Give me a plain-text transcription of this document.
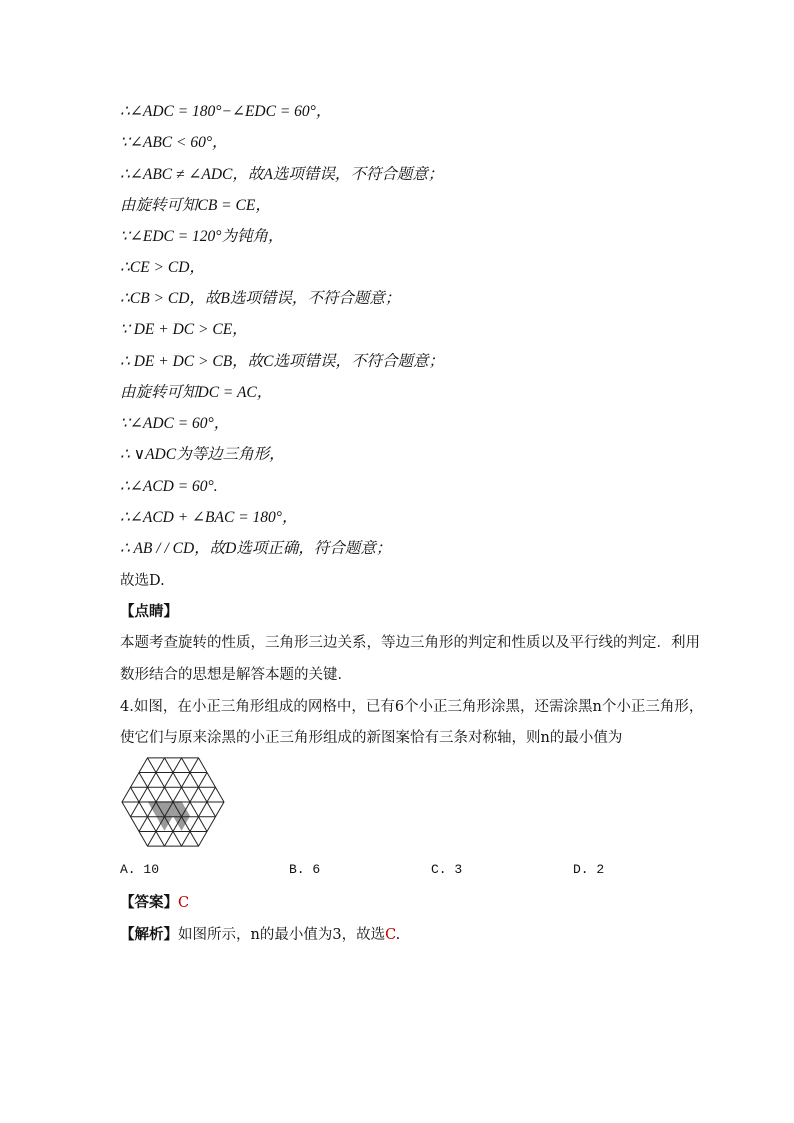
∴∠ADC = 180°−∠EDC = 60°，
∵∠ABC < 60°，
∴∠ABC ≠ ∠ADC，故A选项错误，不符合题意；
由旋转可知CB = CE，
∵∠EDC = 120°为钝角，
∴CE > CD，
∴CB > CD，故B选项错误，不符合题意；
∵ DE + DC > CE，
∴ DE + DC > CB，故C选项错误，不符合题意；
由旋转可知DC = AC，
∵∠ADC = 60°，
∴ ∨ADC为等边三角形，
∴∠ACD = 60°.
∴∠ACD + ∠BAC = 180°，
∴ AB / / CD，故D选项正确，符合题意；
故选D.
【点睛】
本题考查旋转的性质，三角形三边关系，等边三角形的判定和性质以及平行线的判定．利用
数形结合的思想是解答本题的关键．
4.如图，在小正三角形组成的网格中，已有6个小正三角形涂黑，还需涂黑n个小正三角形，
使它们与原来涂黑的小正三角形组成的新图案恰有三条对称轴，则n的最小值为
A. 10	B. 6	C. 3	D. 2
【答案】C
【解析】如图所示，n的最小值为3，故选C.
